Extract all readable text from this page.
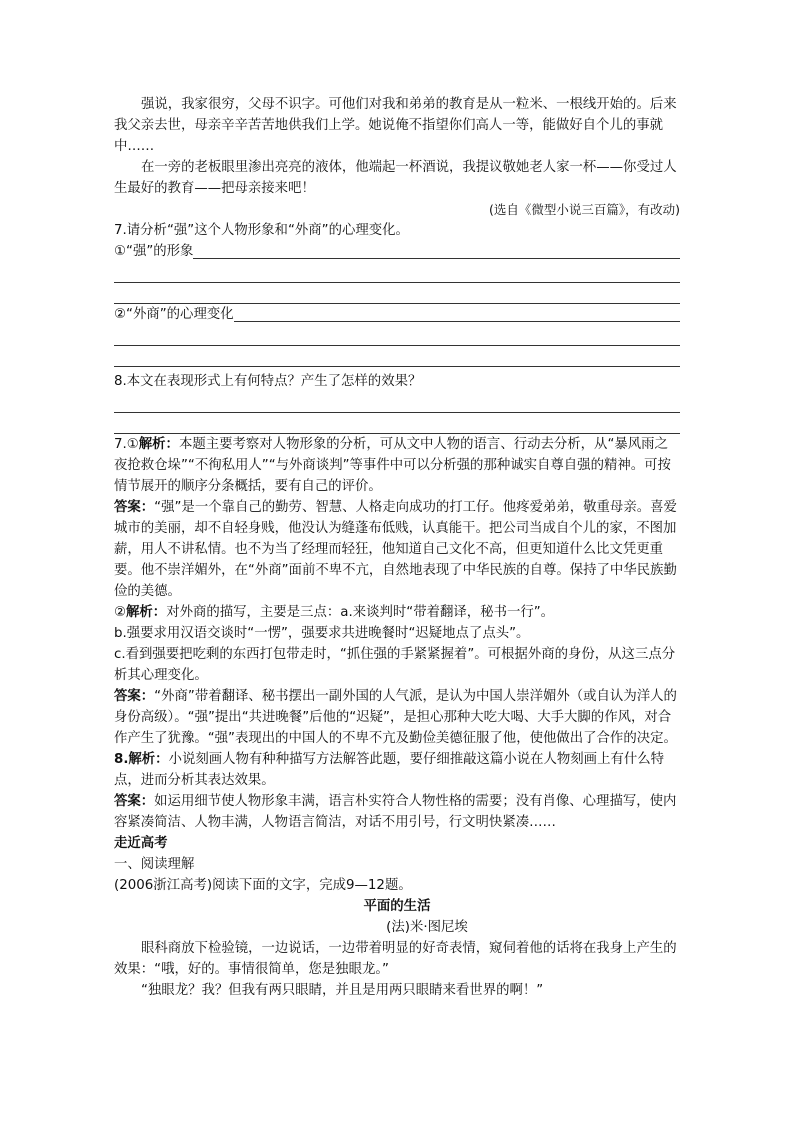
强说，我家很穷，父母不识字。可他们对我和弟弟的教育是从一粒米、一根线开始的。后来我父亲去世，母亲辛辛苦苦地供我们上学。她说俺不指望你们高人一等，能做好自个儿的事就中……

在一旁的老板眼里渗出亮亮的液体，他端起一杯酒说，我提议敬她老人家一杯——你受过人生最好的教育——把母亲接来吧！

(选自《微型小说三百篇》，有改动)

7.请分析“强”这个人物形象和“外商”的心理变化。

①“强”的形象
②“外商”的心理变化

8.本文在表现形式上有何特点？产生了怎样的效果？

7.①解析：本题主要考察对人物形象的分析，可从文中人物的语言、行动去分析，从“暴风雨之夜抢救仓垛”“不徇私用人”“与外商谈判”等事件中可以分析强的那种诚实自尊自强的精神。可按情节展开的顺序分条概括，要有自己的评价。

答案：“强”是一个靠自己的勤劳、智慧、人格走向成功的打工仔。他疼爱弟弟，敬重母亲。喜爱城市的美丽，却不自轻身贱，他没认为缝蓬布低贱，认真能干。把公司当成自个儿的家，不图加薪，用人不讲私情。也不为当了经理而轻狂，他知道自己文化不高，但更知道什么比文凭更重要。他不崇洋媚外，在“外商”面前不卑不亢，自然地表现了中华民族的自尊。保持了中华民族勤俭的美德。

②解析：对外商的描写，主要是三点：a.来谈判时“带着翻译，秘书一行”。

b.强要求用汉语交谈时“一愣”，强要求共进晚餐时“迟疑地点了点头”。

c.看到强要把吃剩的东西打包带走时，“抓住强的手紧紧握着”。可根据外商的身份，从这三点分析其心理变化。

答案：“外商”带着翻译、秘书摆出一副外国的人气派，是认为中国人崇洋媚外（或自认为洋人的身份高级）。“强”提出“共进晚餐”后他的“迟疑”，是担心那种大吃大喝、大手大脚的作风，对合作产生了犹豫。“强”表现出的中国人的不卑不亢及勤俭美德征服了他，使他做出了合作的决定。

8.解析：小说刻画人物有种种描写方法解答此题，要仔细推敲这篇小说在人物刻画上有什么特点，进而分析其表达效果。

答案：如运用细节使人物形象丰满，语言朴实符合人物性格的需要；没有肖像、心理描写，使内容紧凑简洁、人物丰满，人物语言简洁，对话不用引号，行文明快紧凑……

走近高考

一、阅读理解

(2006浙江高考)阅读下面的文字，完成9—12题。

平面的生活

(法)米·图尼埃

眼科商放下检验镜，一边说话，一边带着明显的好奇表情，窥伺着他的话将在我身上产生的效果：“哦，好的。事情很简单，您是独眼龙。”

“独眼龙？我？但我有两只眼睛，并且是用两只眼睛来看世界的啊！”
